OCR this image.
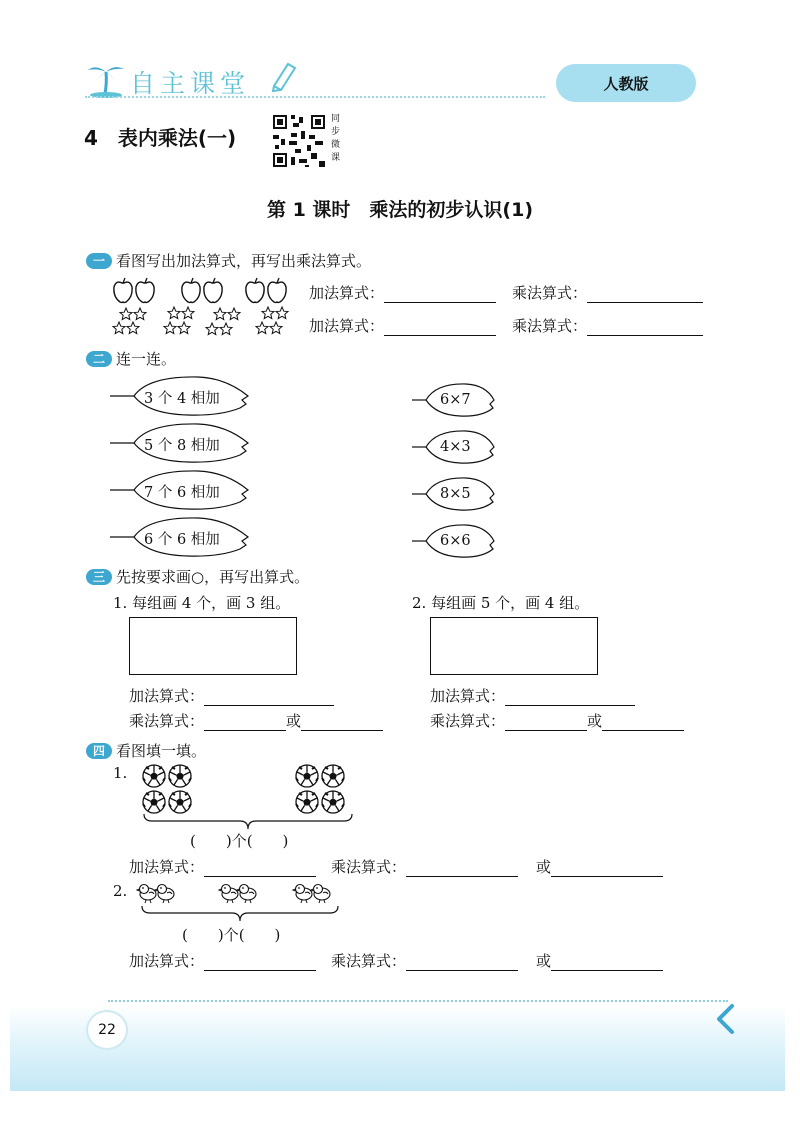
自主课堂	人教版
4　表内乘法(一)
同
步
微
课
第 1 课时　乘法的初步认识(1)
一 看图写出加法算式，再写出乘法算式。
加法算式：	乘法算式：
加法算式：	乘法算式：
二 连一连。
3 个 4 相加
5 个 8 相加
7 个 6 相加
6 个 6 相加
6×7
4×3
8×5
6×6
三 先按要求画○，再写出算式。
1. 每组画 4 个，画 3 组。
加法算式：
乘法算式：	或
2. 每组画 5 个，画 4 组。
加法算式：
乘法算式：	或
四 看图填一填。
1.
(　　)个(　　)
加法算式：	乘法算式：	或
2.
(　　)个(　　)
加法算式：	乘法算式：	或
22
